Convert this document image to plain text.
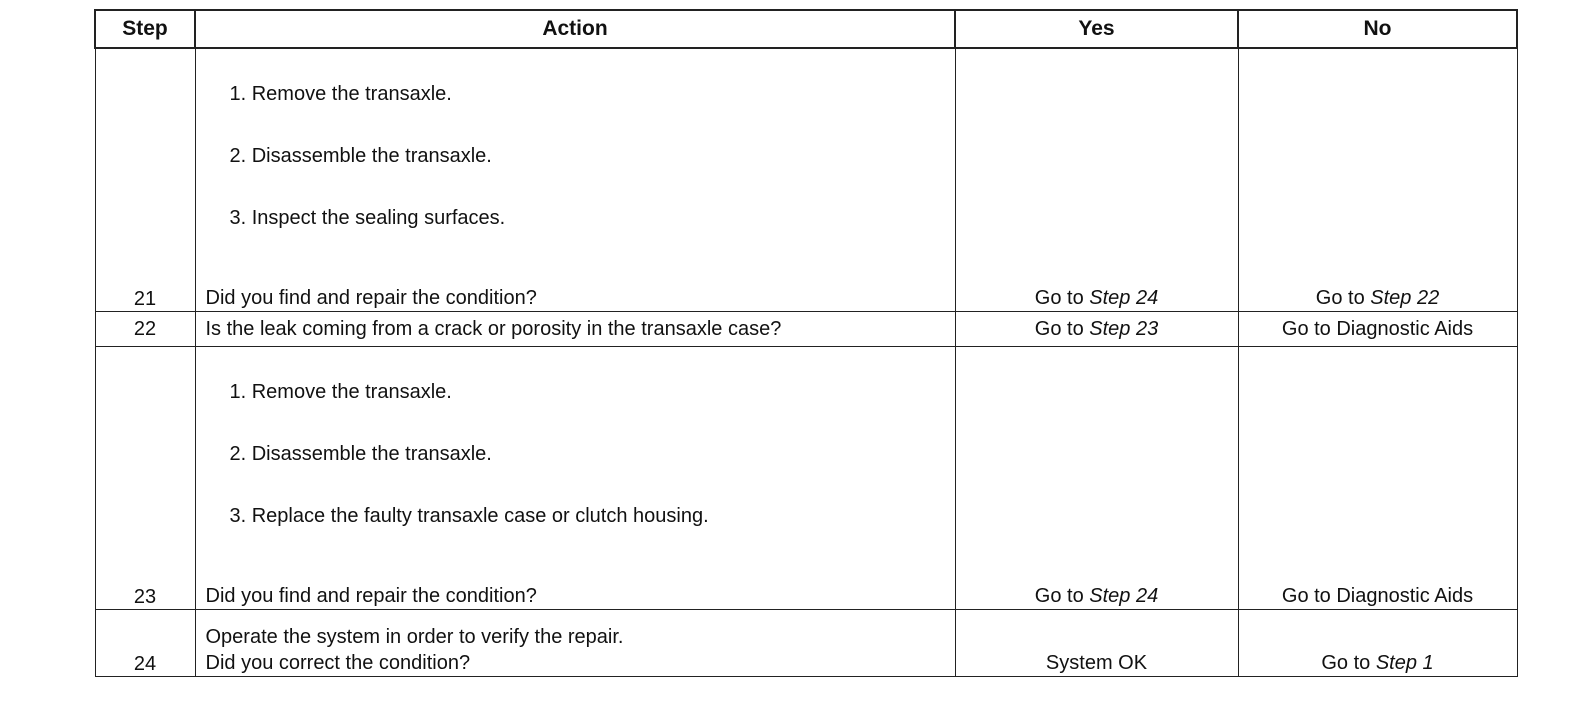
Step	Action	Yes	No
21	1. Remove the transaxle.
2. Disassemble the transaxle.
3. Inspect the sealing surfaces.
Did you find and repair the condition?	Go to Step 24	Go to Step 22
22	Is the leak coming from a crack or porosity in the transaxle case?	Go to Step 23	Go to Diagnostic Aids
23	1. Remove the transaxle.
2. Disassemble the transaxle.
3. Replace the faulty transaxle case or clutch housing.
Did you find and repair the condition?	Go to Step 24	Go to Diagnostic Aids
24	Operate the system in order to verify the repair.
Did you correct the condition?	System OK	Go to Step 1
